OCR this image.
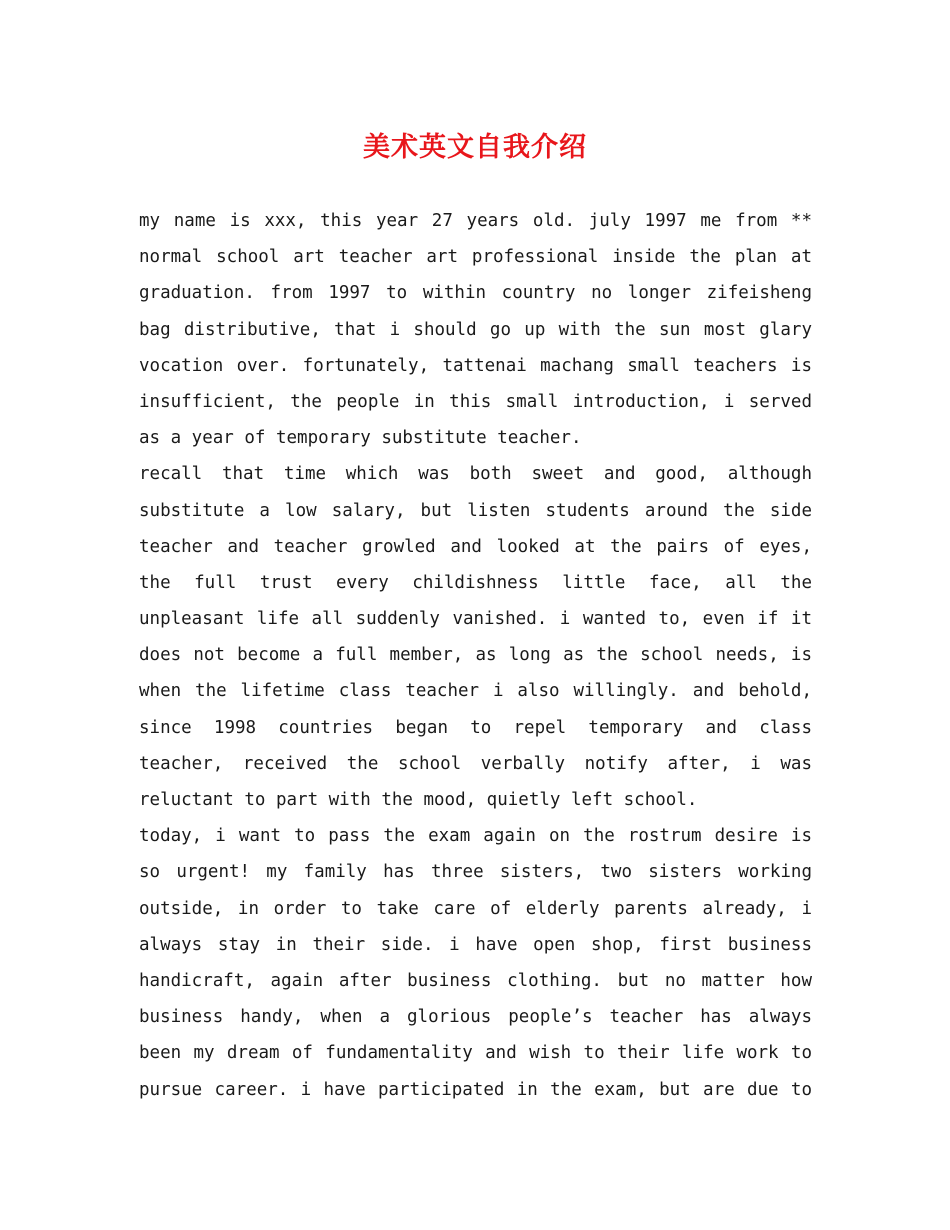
美术英文自我介绍
my name is xxx, this year 27 years old. july 1997 me from **
normal school art teacher art professional inside the plan at
graduation. from 1997 to within country no longer zifeisheng
bag distributive, that i should go up with the sun most glary
vocation over. fortunately, tattenai machang small teachers is
insufficient, the people in this small introduction, i served
as a year of temporary substitute teacher.
recall that time which was both sweet and good, although
substitute a low salary, but listen students around the side
teacher and teacher growled and looked at the pairs of eyes,
the full trust every childishness little face, all the
unpleasant life all suddenly vanished. i wanted to, even if it
does not become a full member, as long as the school needs, is
when the lifetime class teacher i also willingly. and behold,
since 1998 countries began to repel temporary and class
teacher, received the school verbally notify after, i was
reluctant to part with the mood, quietly left school.
today, i want to pass the exam again on the rostrum desire is
so urgent! my family has three sisters, two sisters working
outside, in order to take care of elderly parents already, i
always stay in their side. i have open shop, first business
handicraft, again after business clothing. but no matter how
business handy, when a glorious people’s teacher has always
been my dream of fundamentality and wish to their life work to
pursue career. i have participated in the exam, but are due to
